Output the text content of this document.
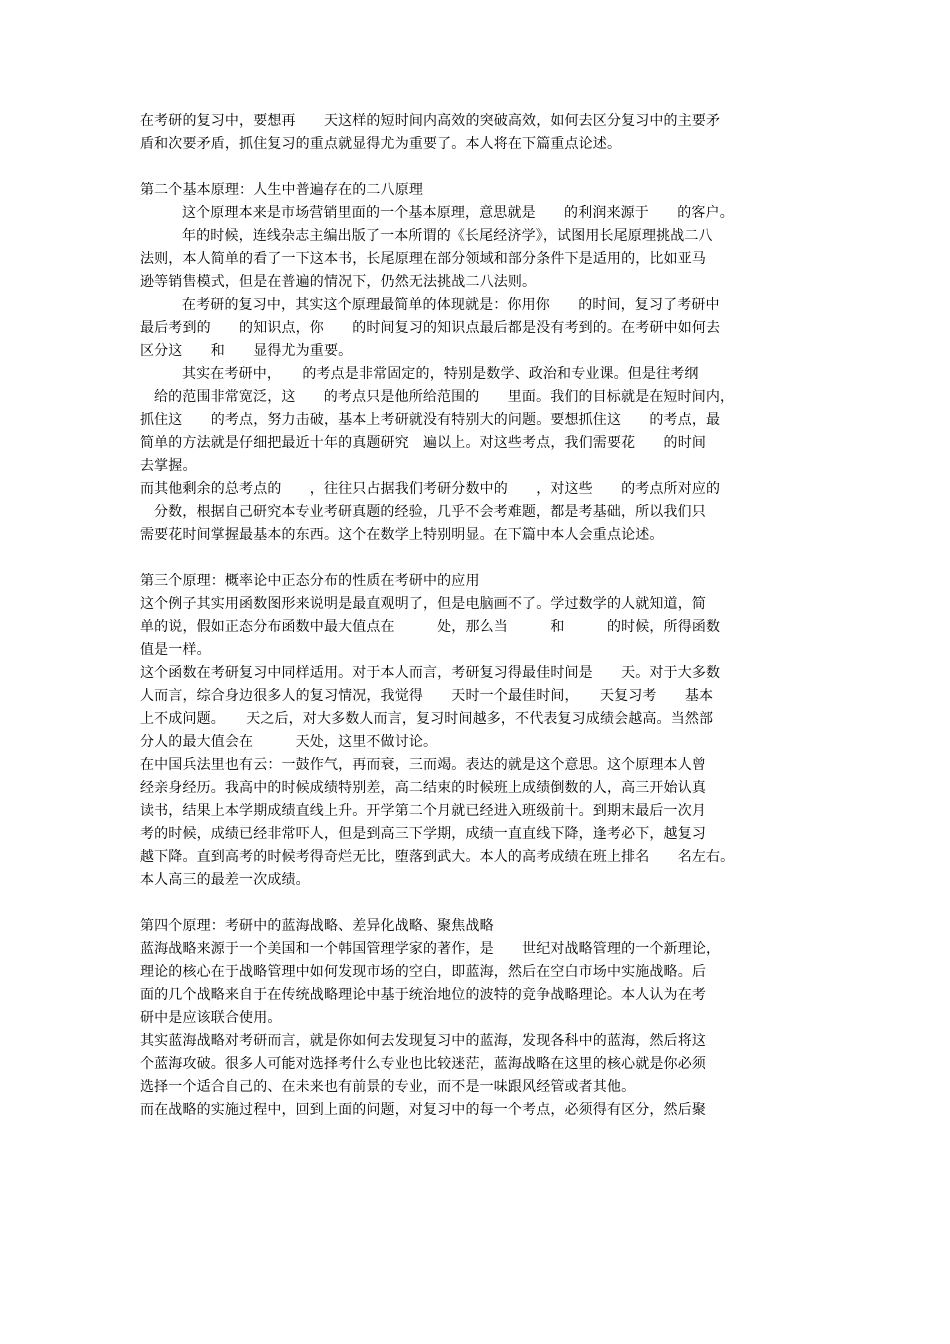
在考研的复习中，要想再　　天这样的短时间内高效的突破高效，如何去区分复习中的主要矛
盾和次要矛盾，抓住复习的重点就显得尤为重要了。本人将在下篇重点论述。
第二个基本原理：人生中普遍存在的二八原理
这个原理本来是市场营销里面的一个基本原理，意思就是　　的利润来源于　　的客户。
年的时候，连线杂志主编出版了一本所谓的《长尾经济学》，试图用长尾原理挑战二八
法则，本人简单的看了一下这本书，长尾原理在部分领域和部分条件下是适用的，比如亚马
逊等销售模式，但是在普遍的情况下，仍然无法挑战二八法则。
在考研的复习中，其实这个原理最简单的体现就是：你用你　　的时间，复习了考研中
最后考到的　　的知识点，你　　的时间复习的知识点最后都是没有考到的。在考研中如何去
区分这　　和　　显得尤为重要。
其实在考研中，　　的考点是非常固定的，特别是数学、政治和专业课。但是往考纲
给的范围非常宽泛，这　　的考点只是他所给范围的　　里面。我们的目标就是在短时间内，
抓住这　　的考点，努力击破，基本上考研就没有特别大的问题。要想抓住这　　的考点，最
简单的方法就是仔细把最近十年的真题研究　遍以上。对这些考点，我们需要花　　的时间
去掌握。
而其他剩余的总考点的　　，往往只占据我们考研分数中的　　，对这些　　的考点所对应的
分数，根据自己研究本专业考研真题的经验，几乎不会考难题，都是考基础，所以我们只
需要花时间掌握最基本的东西。这个在数学上特别明显。在下篇中本人会重点论述。
第三个原理：概率论中正态分布的性质在考研中的应用
这个例子其实用函数图形来说明是最直观明了，但是电脑画不了。学过数学的人就知道，简
单的说，假如正态分布函数中最大值点在　　　处，那么当　　　和　　　的时候，所得函数
值是一样。
这个函数在考研复习中同样适用。对于本人而言，考研复习得最佳时间是　　天。对于大多数
人而言，综合身边很多人的复习情况，我觉得　　天时一个最佳时间，　　天复习考　　基本
上不成问题。　　天之后，对大多数人而言，复习时间越多，不代表复习成绩会越高。当然部
分人的最大值会在　　　天处，这里不做讨论。
在中国兵法里也有云：一鼓作气，再而衰，三而竭。表达的就是这个意思。这个原理本人曾
经亲身经历。我高中的时候成绩特别差，高二结束的时候班上成绩倒数的人，高三开始认真
读书，结果上本学期成绩直线上升。开学第二个月就已经进入班级前十。到期末最后一次月
考的时候，成绩已经非常吓人，但是到高三下学期，成绩一直直线下降，逢考必下，越复习
越下降。直到高考的时候考得奇烂无比，堕落到武大。本人的高考成绩在班上排名　　名左右。
本人高三的最差一次成绩。
第四个原理：考研中的蓝海战略、差异化战略、聚焦战略
蓝海战略来源于一个美国和一个韩国管理学家的著作，是　　世纪对战略管理的一个新理论，
理论的核心在于战略管理中如何发现市场的空白，即蓝海，然后在空白市场中实施战略。后
面的几个战略来自于在传统战略理论中基于统治地位的波特的竞争战略理论。本人认为在考
研中是应该联合使用。
其实蓝海战略对考研而言，就是你如何去发现复习中的蓝海，发现各科中的蓝海，然后将这
个蓝海攻破。很多人可能对选择考什么专业也比较迷茫，蓝海战略在这里的核心就是你必须
选择一个适合自己的、在未来也有前景的专业，而不是一味跟风经管或者其他。
而在战略的实施过程中，回到上面的问题，对复习中的每一个考点，必须得有区分，然后聚
